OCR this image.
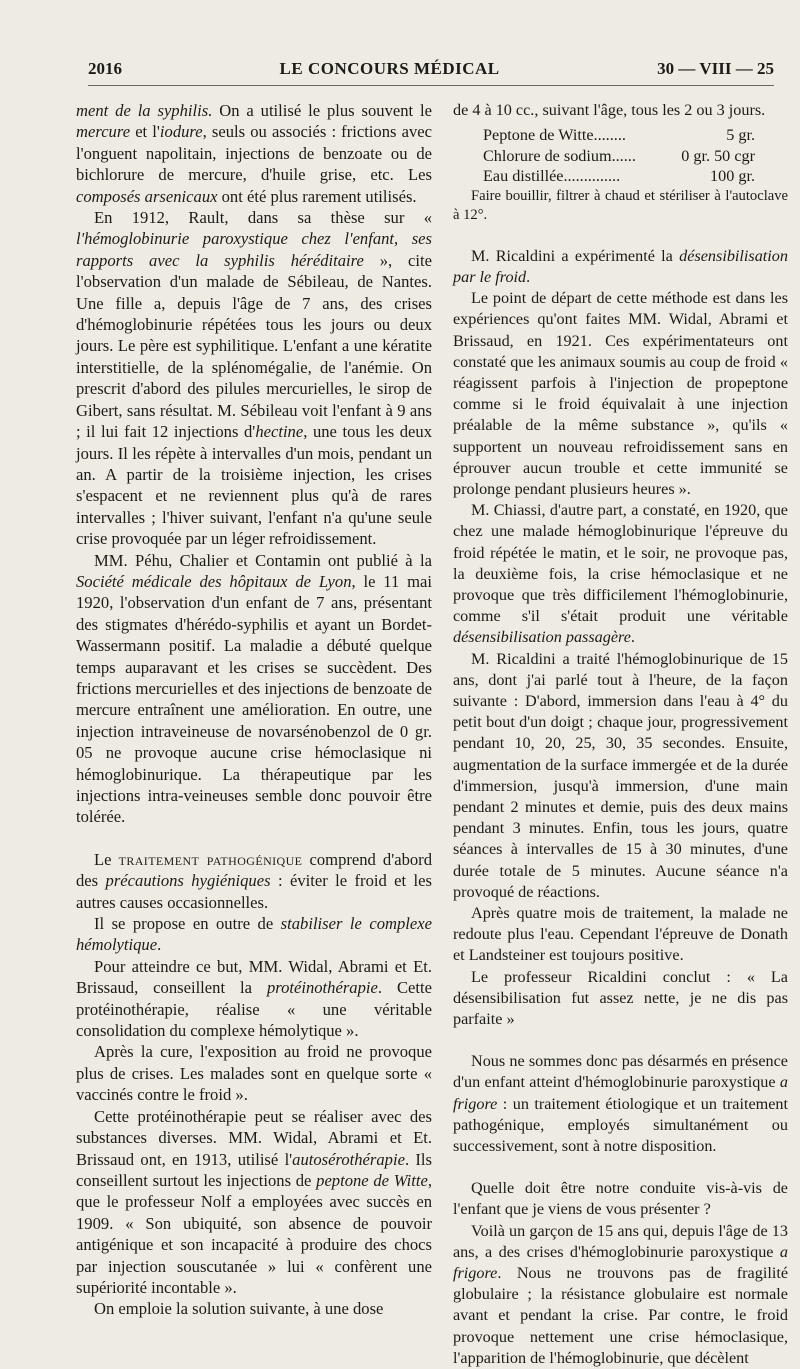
2016	LE CONCOURS MÉDICAL	30 — VIII — 25

ment de la syphilis. On a utilisé le plus souvent le mercure et l'iodure, seuls ou associés : frictions avec l'onguent napolitain, injections de benzoate ou de bichlorure de mercure, d'huile grise, etc. Les composés arsenicaux ont été plus rarement utilisés.

En 1912, Rault, dans sa thèse sur « l'hémoglobinurie paroxystique chez l'enfant, ses rapports avec la syphilis héréditaire », cite l'observation d'un malade de Sébileau, de Nantes. Une fille a, depuis l'âge de 7 ans, des crises d'hémoglobinurie répétées tous les jours ou deux jours. Le père est syphilitique. L'enfant a une kératite interstitielle, de la splénomégalie, de l'anémie. On prescrit d'abord des pilules mercurielles, le sirop de Gibert, sans résultat. M. Sébileau voit l'enfant à 9 ans ; il lui fait 12 injections d'hectine, une tous les deux jours. Il les répète à intervalles d'un mois, pendant un an. A partir de la troisième injection, les crises s'espacent et ne reviennent plus qu'à de rares intervalles ; l'hiver suivant, l'enfant n'a qu'une seule crise provoquée par un léger refroidissement.

MM. Péhu, Chalier et Contamin ont publié à la Société médicale des hôpitaux de Lyon, le 11 mai 1920, l'observation d'un enfant de 7 ans, présentant des stigmates d'hérédo-syphilis et ayant un Bordet-Wassermann positif. La maladie a débuté quelque temps auparavant et les crises se succèdent. Des frictions mercurielles et des injections de benzoate de mercure entraînent une amélioration. En outre, une injection intraveineuse de novarsénobenzol de 0 gr. 05 ne provoque aucune crise hémoclasique ni hémoglobinurique. La thérapeutique par les injections intra-veineuses semble donc pouvoir être tolérée.

Le traitement pathogénique comprend d'abord des précautions hygiéniques : éviter le froid et les autres causes occasionnelles.

Il se propose en outre de stabiliser le complexe hémolytique.

Pour atteindre ce but, MM. Widal, Abrami et Et. Brissaud, conseillent la protéinothérapie. Cette protéinothérapie, réalise « une véritable consolidation du complexe hémolytique ».

Après la cure, l'exposition au froid ne provoque plus de crises. Les malades sont en quelque sorte « vaccinés contre le froid ».

Cette protéinothérapie peut se réaliser avec des substances diverses. MM. Widal, Abrami et Et. Brissaud ont, en 1913, utilisé l'autosérothérapie. Ils conseillent surtout les injections de peptone de Witte, que le professeur Nolf a employées avec succès en 1909. « Son ubiquité, son absence de pouvoir antigénique et son incapacité à produire des chocs par injection souscutanée » lui « confèrent une supériorité incontable ».

On emploie la solution suivante, à une dose

de 4 à 10 cc., suivant l'âge, tous les 2 ou 3 jours.

Peptone de Witte........	5 gr.
Chlorure de sodium......	0 gr. 50 cgr
Eau distillée..............	100 gr.

Faire bouillir, filtrer à chaud et stériliser à l'autoclave à 12°.

M. Ricaldini a expérimenté la désensibilisation par le froid.

Le point de départ de cette méthode est dans les expériences qu'ont faites MM. Widal, Abrami et Brissaud, en 1921. Ces expérimentateurs ont constaté que les animaux soumis au coup de froid « réagissent parfois à l'injection de propeptone comme si le froid équivalait à une injection préalable de la même substance », qu'ils « supportent un nouveau refroidissement sans en éprouver aucun trouble et cette immunité se prolonge pendant plusieurs heures ».

M. Chiassi, d'autre part, a constaté, en 1920, que chez une malade hémoglobinurique l'épreuve du froid répétée le matin, et le soir, ne provoque pas, la deuxième fois, la crise hémoclasique et ne provoque que très difficilement l'hémoglobinurie, comme s'il s'était produit une véritable désensibilisation passagère.

M. Ricaldini a traité l'hémoglobinurique de 15 ans, dont j'ai parlé tout à l'heure, de la façon suivante : D'abord, immersion dans l'eau à 4° du petit bout d'un doigt ; chaque jour, progressivement pendant 10, 20, 25, 30, 35 secondes. Ensuite, augmentation de la surface immergée et de la durée d'immersion, jusqu'à immersion, d'une main pendant 2 minutes et demie, puis des deux mains pendant 3 minutes. Enfin, tous les jours, quatre séances à intervalles de 15 à 30 minutes, d'une durée totale de 5 minutes. Aucune séance n'a provoqué de réactions.

Après quatre mois de traitement, la malade ne redoute plus l'eau. Cependant l'épreuve de Donath et Landsteiner est toujours positive.

Le professeur Ricaldini conclut : « La désensibilisation fut assez nette, je ne dis pas parfaite »

Nous ne sommes donc pas désarmés en présence d'un enfant atteint d'hémoglobinurie paroxystique a frigore : un traitement étiologique et un traitement pathogénique, employés simultanément ou successivement, sont à notre disposition.

Quelle doit être notre conduite vis-à-vis de l'enfant que je viens de vous présenter ?

Voilà un garçon de 15 ans qui, depuis l'âge de 13 ans, a des crises d'hémoglobinurie paroxystique a frigore. Nous ne trouvons pas de fragilité globulaire ; la résistance globulaire est normale avant et pendant la crise. Par contre, le froid provoque nettement une crise hémoclasique, l'apparition de l'hémoglobinurie, que décèlent
